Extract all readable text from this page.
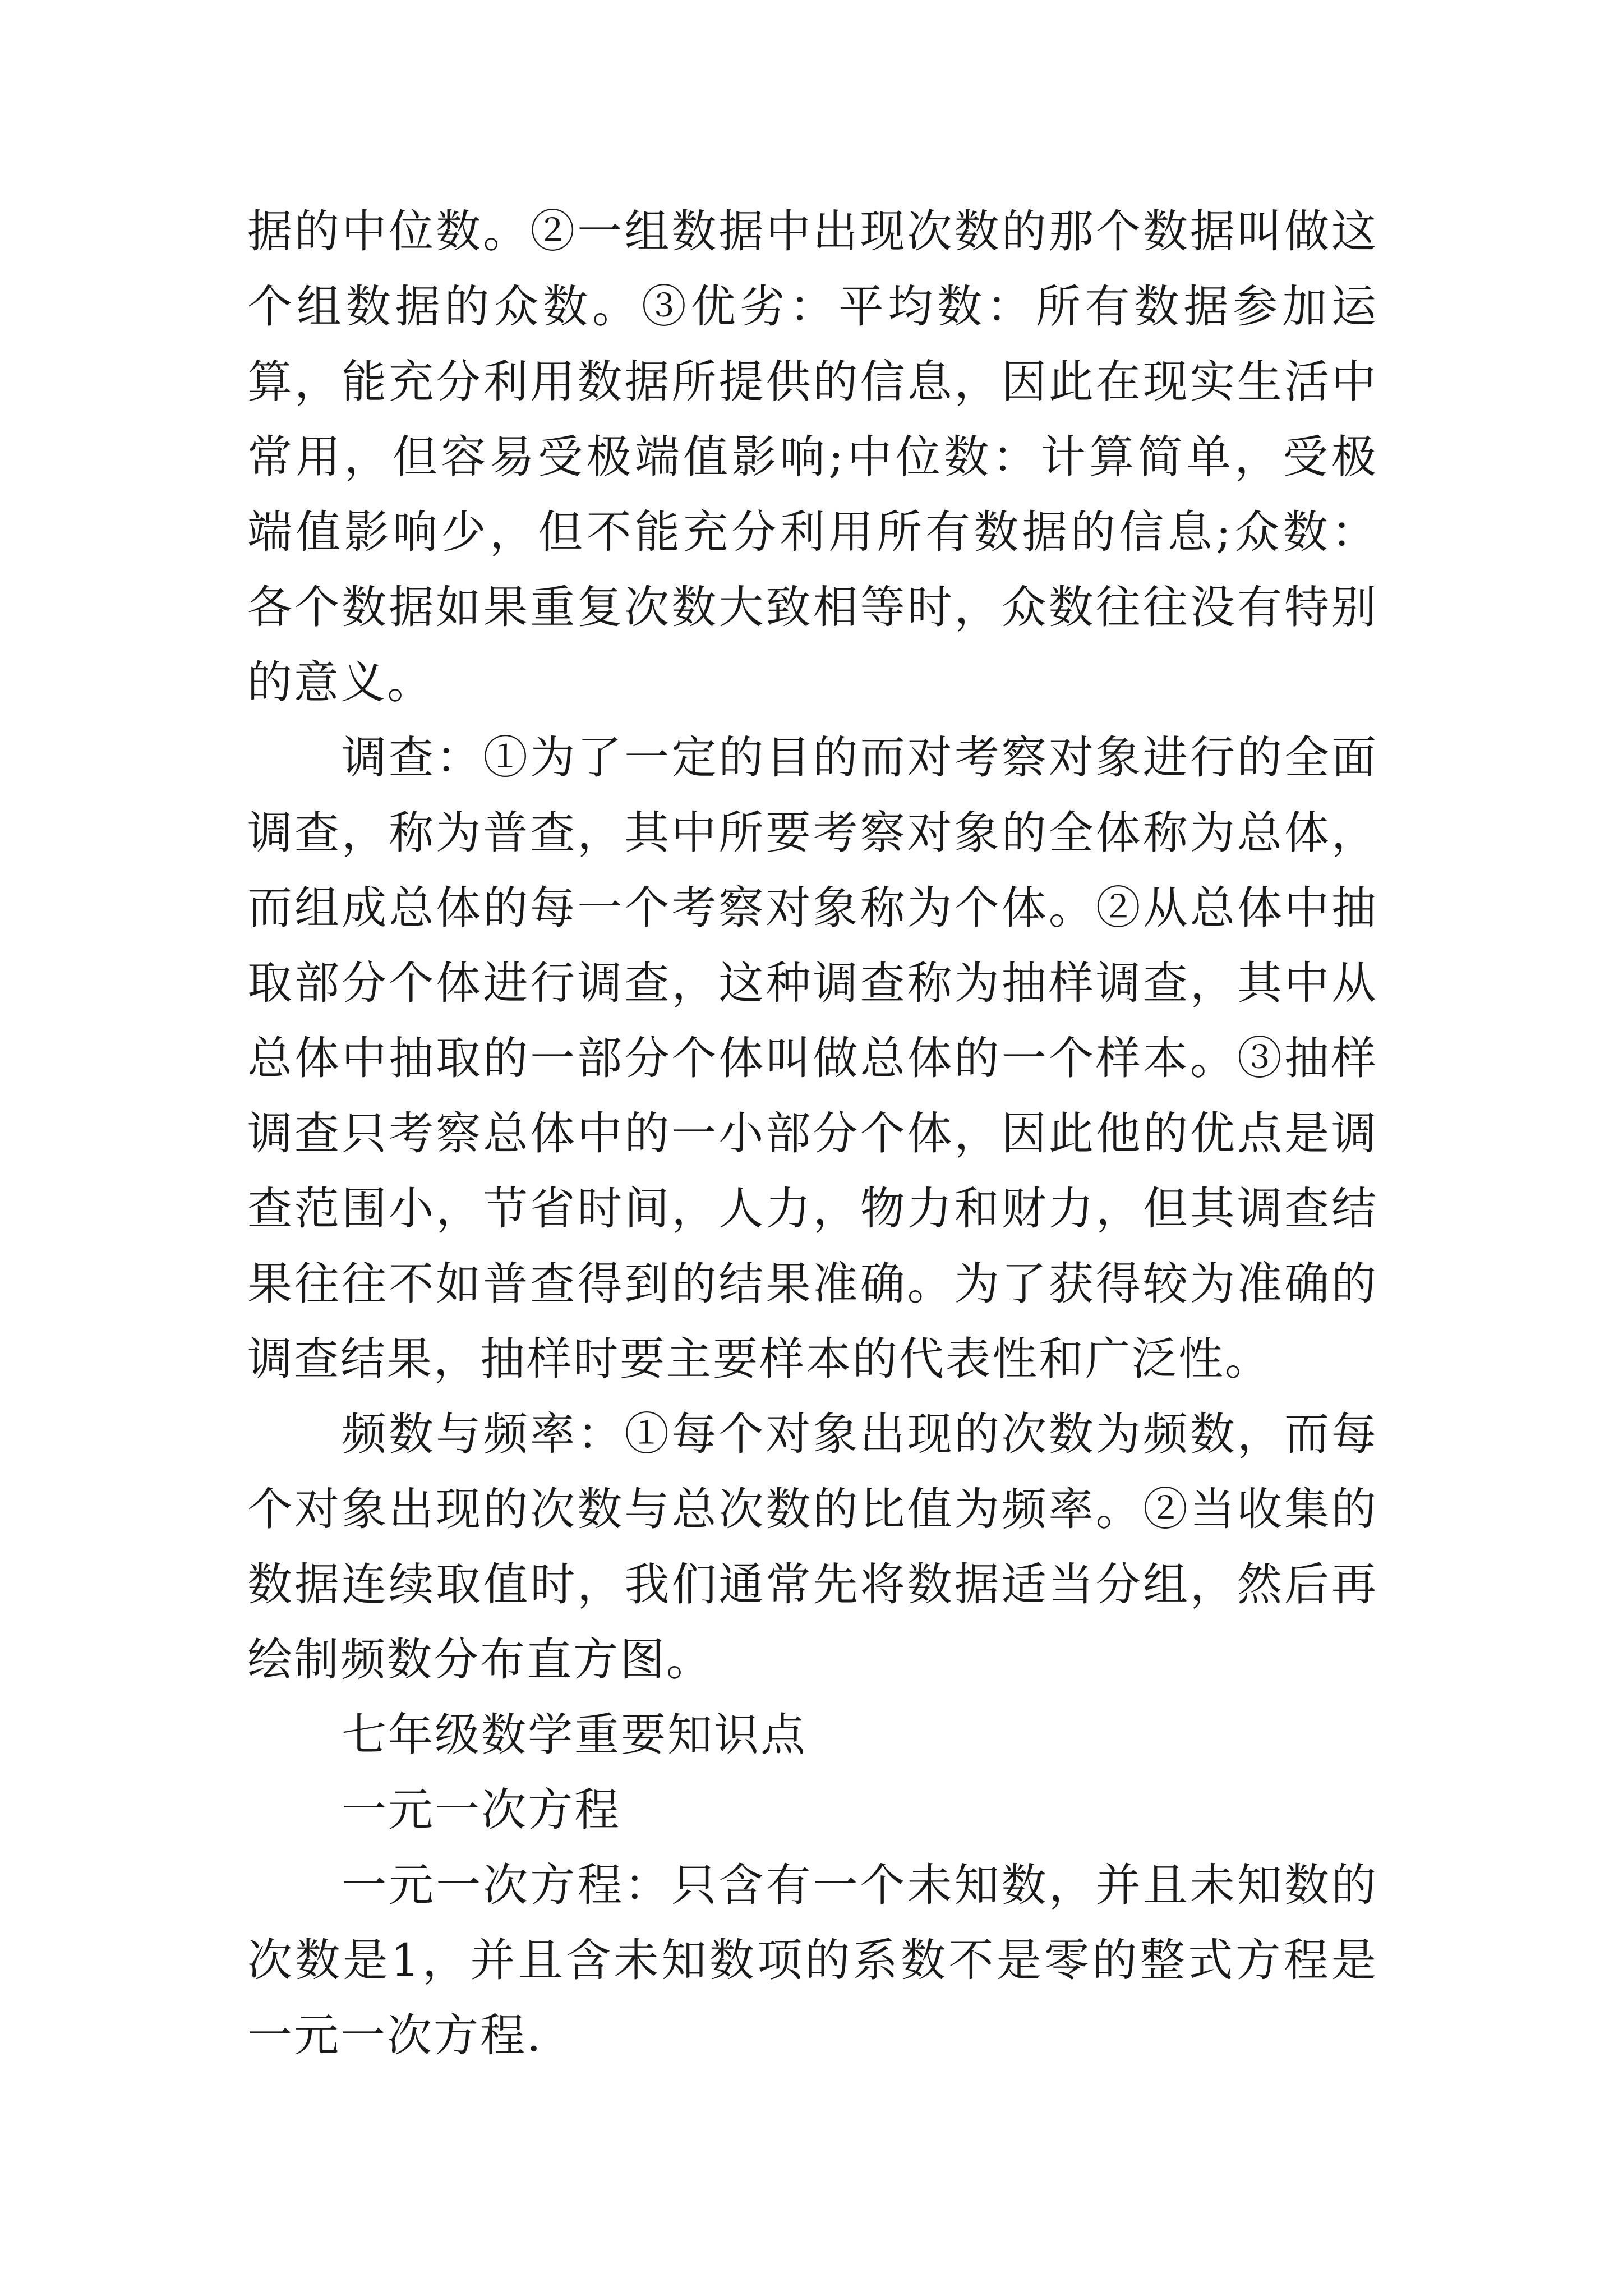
据的中位数。②一组数据中出现次数的那个数据叫做这个组数据的众数。③优劣：平均数：所有数据参加运算，能充分利用数据所提供的信息，因此在现实生活中常用，但容易受极端值影响;中位数：计算简单，受极端值影响少，但不能充分利用所有数据的信息;众数：各个数据如果重复次数大致相等时，众数往往没有特别的意义。

调查：①为了一定的目的而对考察对象进行的全面调查，称为普查，其中所要考察对象的全体称为总体，而组成总体的每一个考察对象称为个体。②从总体中抽取部分个体进行调查，这种调查称为抽样调查，其中从总体中抽取的一部分个体叫做总体的一个样本。③抽样调查只考察总体中的一小部分个体，因此他的优点是调查范围小，节省时间，人力，物力和财力，但其调查结果往往不如普查得到的结果准确。为了获得较为准确的调查结果，抽样时要主要样本的代表性和广泛性。

频数与频率：①每个对象出现的次数为频数，而每个对象出现的次数与总次数的比值为频率。②当收集的数据连续取值时，我们通常先将数据适当分组，然后再绘制频数分布直方图。

七年级数学重要知识点

一元一次方程

一元一次方程：只含有一个未知数，并且未知数的次数是1，并且含未知数项的系数不是零的整式方程是一元一次方程.
